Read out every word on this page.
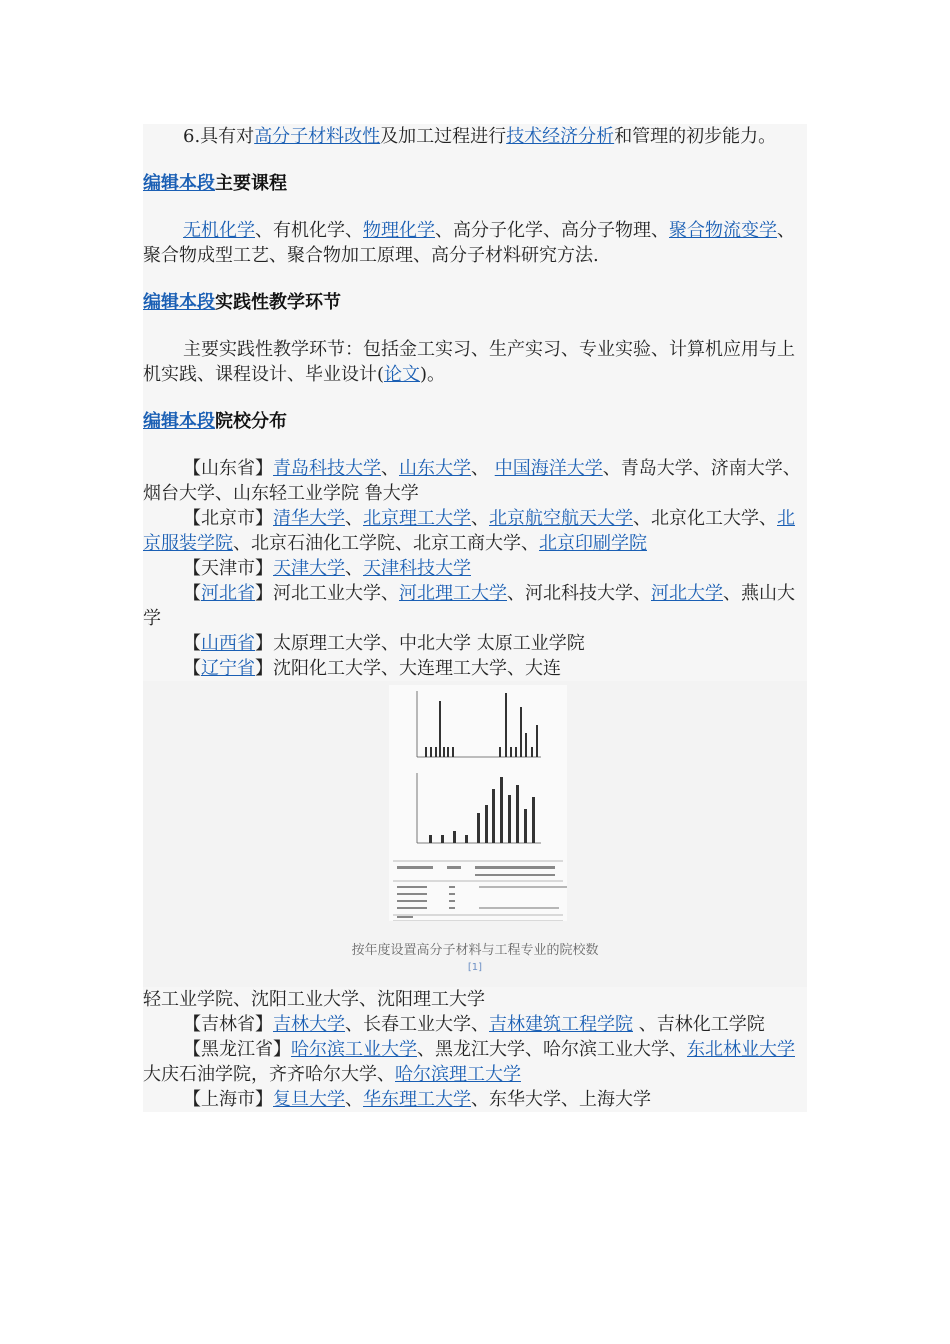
6.具有对高分子材料改性及加工过程进行技术经济分析和管理的初步能力。

编辑本段主要课程

无机化学、有机化学、物理化学、高分子化学、高分子物理、聚合物流变学、聚合物成型工艺、聚合物加工原理、高分子材料研究方法.

编辑本段实践性教学环节

主要实践性教学环节：包括金工实习、生产实习、专业实验、计算机应用与上机实践、课程设计、毕业设计(论文)。

编辑本段院校分布

【山东省】青岛科技大学、山东大学、 中国海洋大学、青岛大学、济南大学、烟台大学、山东轻工业学院 鲁大学

【北京市】清华大学、北京理工大学、北京航空航天大学、北京化工大学、北京服装学院、北京石油化工学院、北京工商大学、北京印刷学院

【天津市】天津大学、天津科技大学

【河北省】河北工业大学、河北理工大学、河北科技大学、河北大学、燕山大学

【山西省】太原理工大学、中北大学 太原工业学院

【辽宁省】沈阳化工大学、大连理工大学、大连

按年度设置高分子材料与工程专业的院校数
[1]

轻工业学院、沈阳工业大学、沈阳理工大学

【吉林省】吉林大学、长春工业大学、吉林建筑工程学院 、吉林化工学院

【黑龙江省】哈尔滨工业大学、黑龙江大学、哈尔滨工业大学、东北林业大学 大庆石油学院，齐齐哈尔大学、哈尔滨理工大学

【上海市】复旦大学、华东理工大学、东华大学、上海大学
